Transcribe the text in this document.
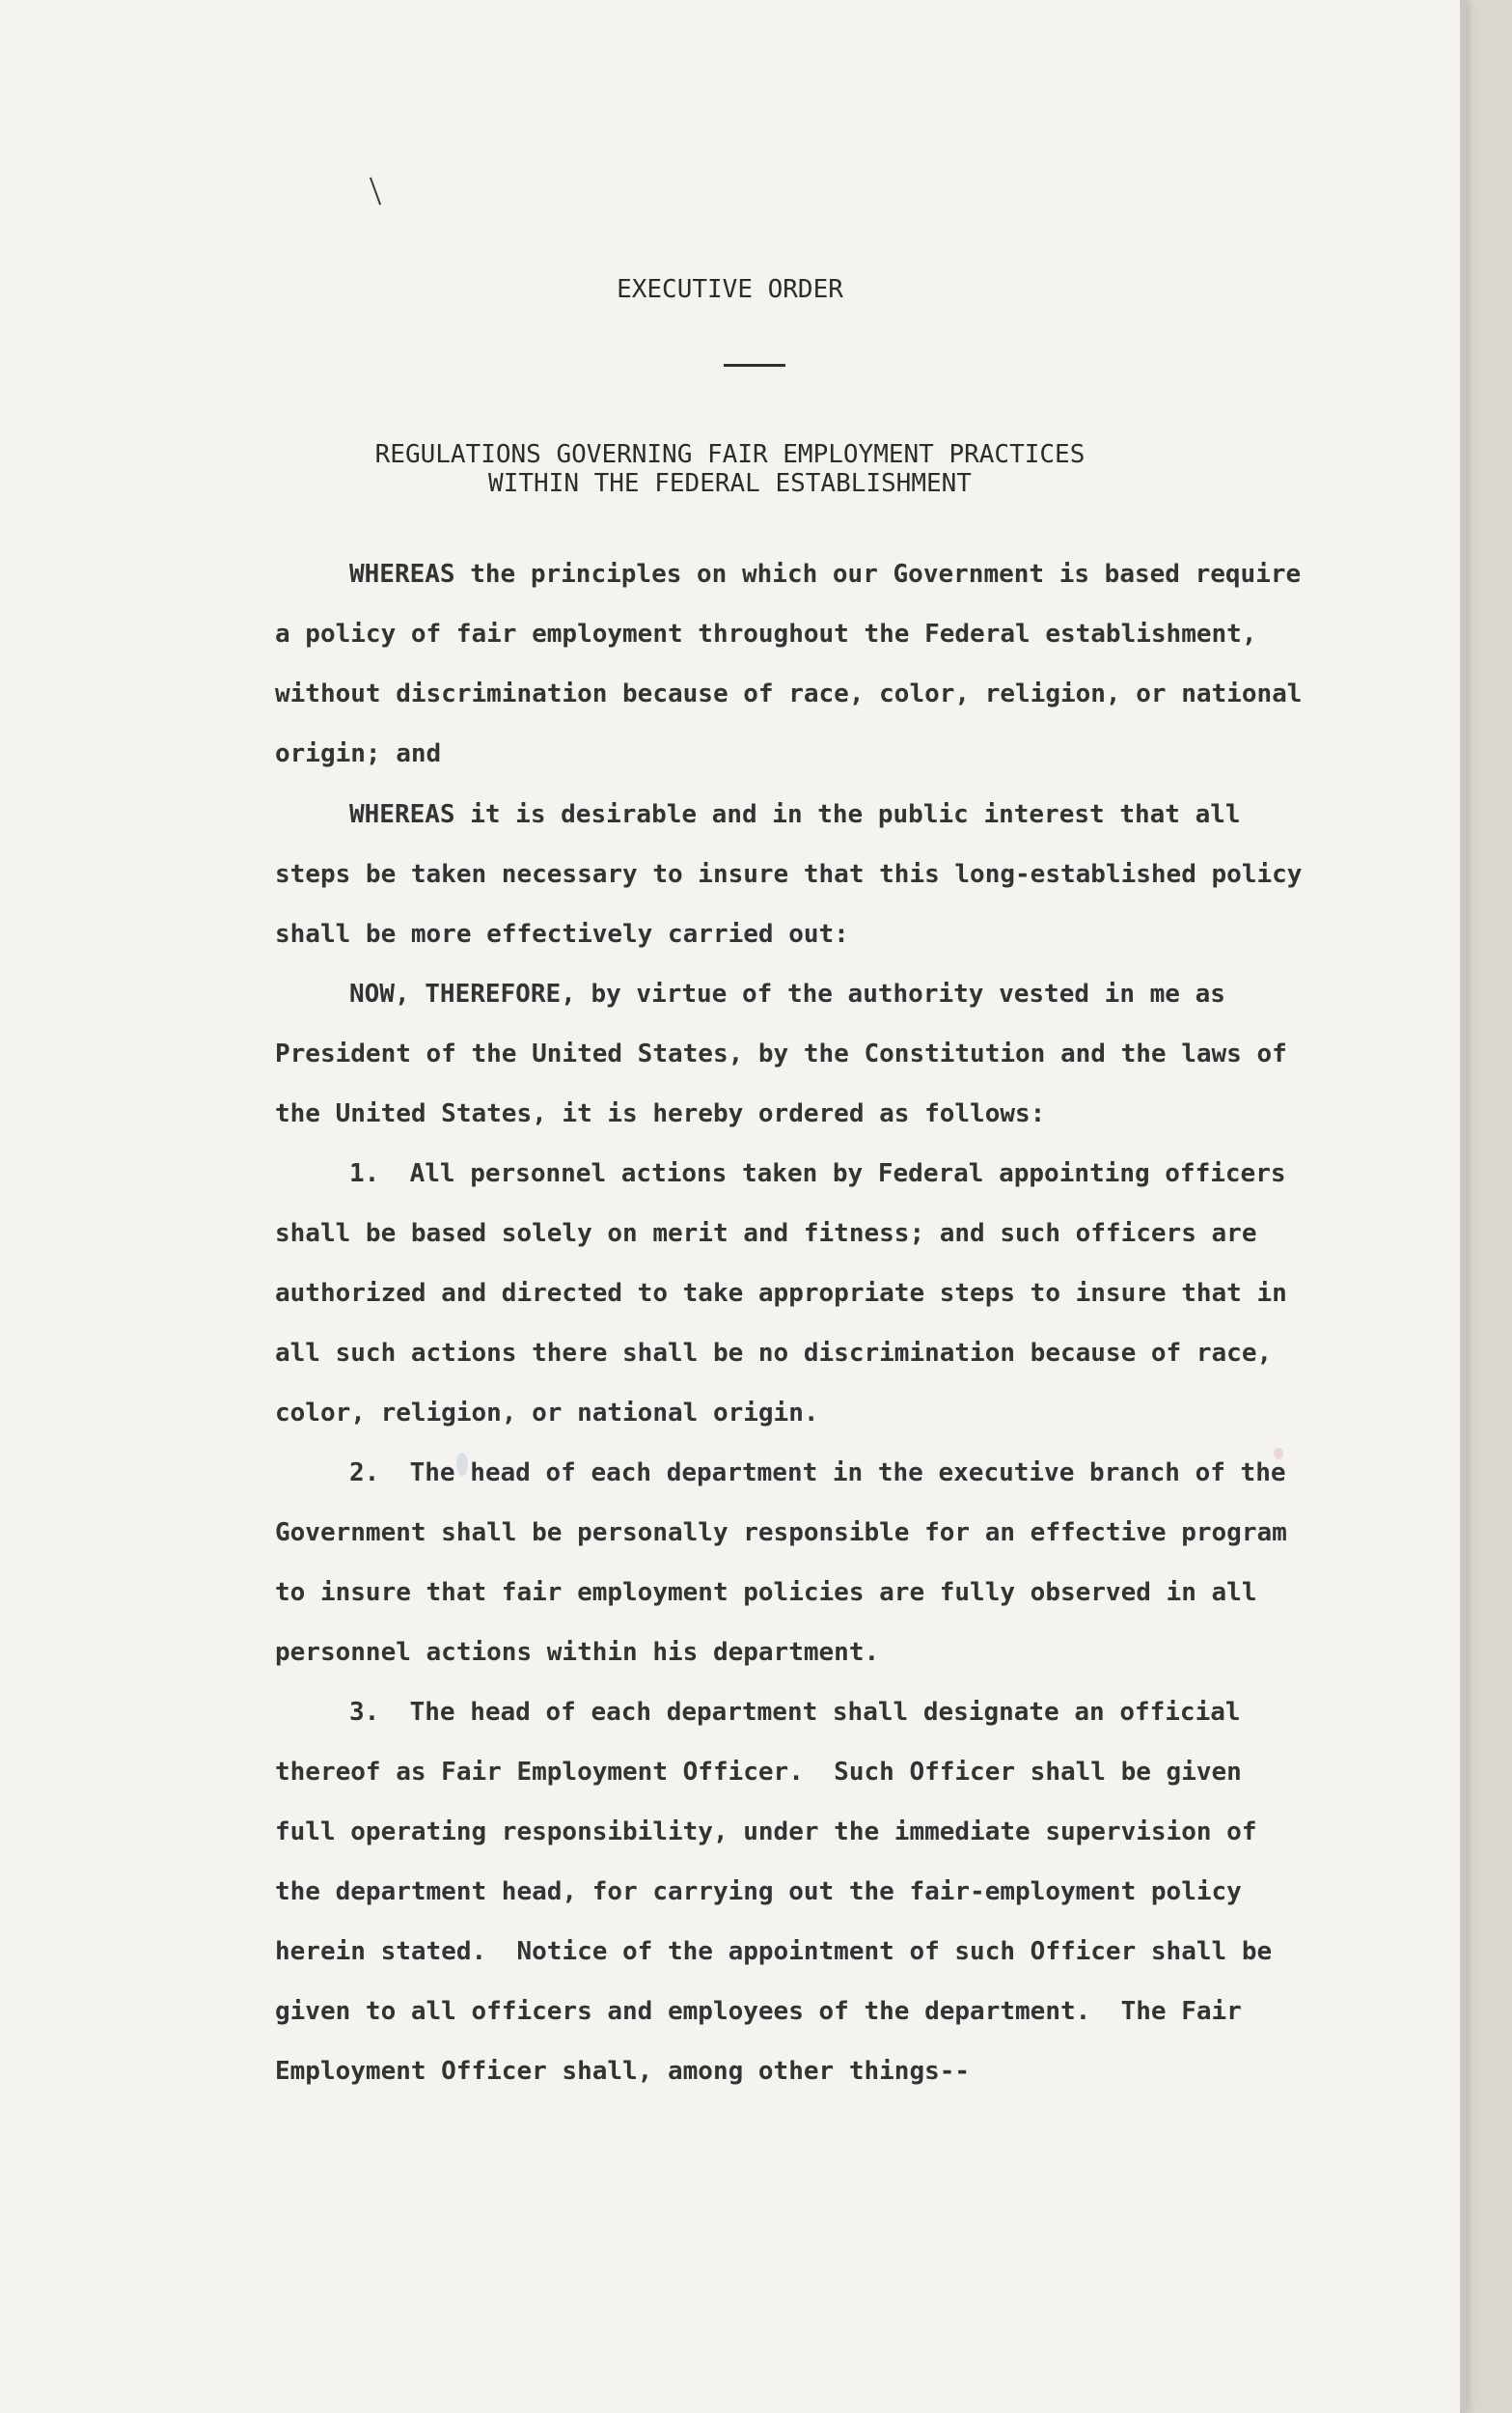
EXECUTIVE ORDER
REGULATIONS GOVERNING FAIR EMPLOYMENT PRACTICES
WITHIN THE FEDERAL ESTABLISHMENT
WHEREAS the principles on which our Government is based require
a policy of fair employment throughout the Federal establishment,
without discrimination because of race, color, religion, or national
origin; and
WHEREAS it is desirable and in the public interest that all
steps be taken necessary to insure that this long-established policy
shall be more effectively carried out:
NOW, THEREFORE, by virtue of the authority vested in me as
President of the United States, by the Constitution and the laws of
the United States, it is hereby ordered as follows:
1.  All personnel actions taken by Federal appointing officers
shall be based solely on merit and fitness; and such officers are
authorized and directed to take appropriate steps to insure that in
all such actions there shall be no discrimination because of race,
color, religion, or national origin.
2.  The head of each department in the executive branch of the
Government shall be personally responsible for an effective program
to insure that fair employment policies are fully observed in all
personnel actions within his department.
3.  The head of each department shall designate an official
thereof as Fair Employment Officer.  Such Officer shall be given
full operating responsibility, under the immediate supervision of
the department head, for carrying out the fair-employment policy
herein stated.  Notice of the appointment of such Officer shall be
given to all officers and employees of the department.  The Fair
Employment Officer shall, among other things--
